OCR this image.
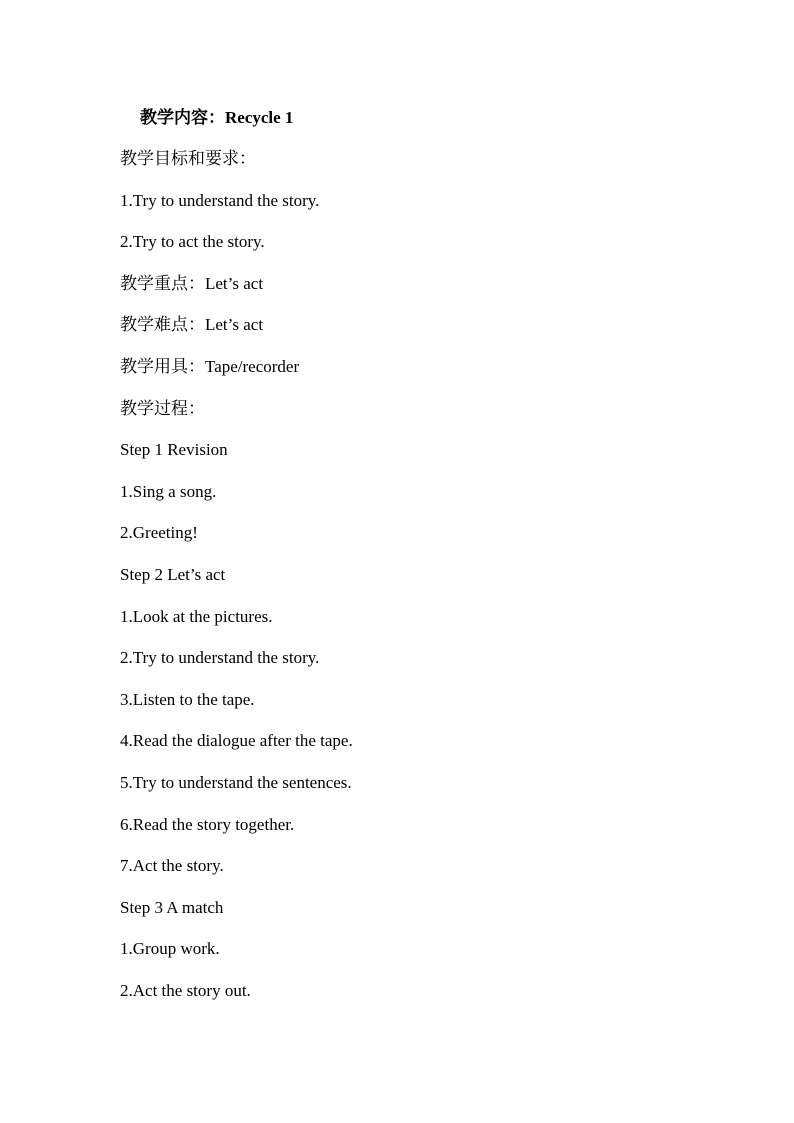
教学内容：Recycle 1
教学目标和要求：
1.Try to understand the story.
2.Try to act the story.
教学重点：Let’s act
教学难点：Let’s act
教学用具：Tape/recorder
教学过程：
Step 1 Revision
1.Sing a song.
2.Greeting!
Step 2 Let’s act
1.Look at the pictures.
2.Try to understand the story.
3.Listen to the tape.
4.Read the dialogue after the tape.
5.Try to understand the sentences.
6.Read the story together.
7.Act the story.
Step 3 A match
1.Group work.
2.Act the story out.
